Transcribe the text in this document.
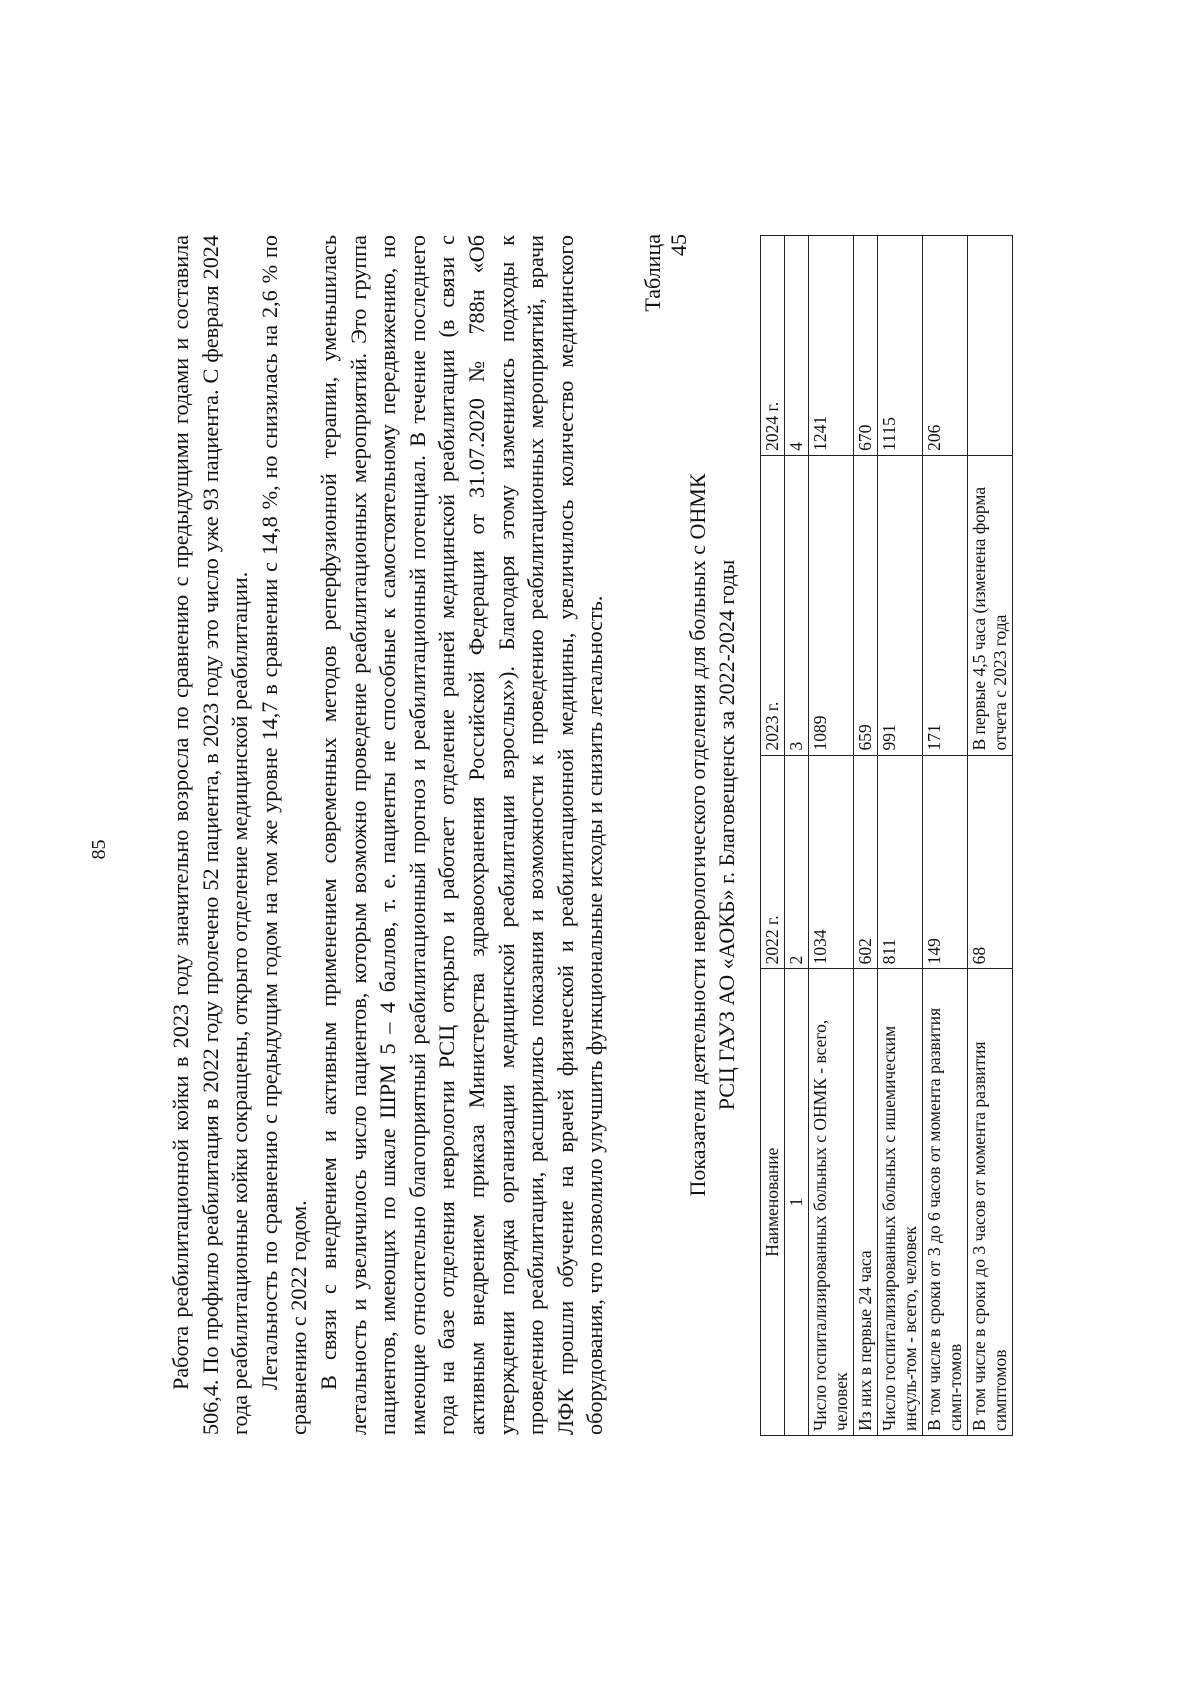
85	Работа реабилитационной койки в 2023 году значительно возросла по сравнению с предыдущими годами и составила 506,4. По профилю реабилитация в 2022 году пролечено 52 пациента, в 2023 году это число уже 93 пациента. С февраля 2024 года реабилитационные койки сокращены, открыто отделение медицинской реабилитации. Летальность по сравнению с предыдущим годом на том же уровне 14,7 в сравнении с 14,8 %, но снизилась на 2,6 % по сравнению с 2022 годом. В связи с внедрением и активным применением современных методов реперфузионной терапии, уменьшилась летальность и увеличилось число пациентов, которым возможно проведение реабилитационных мероприятий. Это группа пациентов, имеющих по шкале ШРМ 5 – 4 баллов, т. е. пациенты не способные к самостоятельному передвижению, но имеющие относительно благоприятный реабилитационный прогноз и реабилитационный потенциал. В течение последнего года на базе отделения неврологии РСЦ открыто и работает отделение ранней медицинской реабилитации (в связи с активным внедрением приказа Министерства здравоохранения Российской Федерации от 31.07.2020 № 788н «Об утверждении порядка организации медицинской реабилитации взрослых»). Благодаря этому изменились подходы к проведению реабилитации, расширились показания и возможности к проведению реабилитационных мероприятий, врачи ЛФК прошли обучение на врачей физической и реабилитационной медицины, увеличилось количество медицинского оборудования, что позволило улучшить функциональные исходы и снизить летальность.

Таблица 45
Показатели деятельности неврологического отделения для больных с ОНМК РСЦ ГАУЗ АО «АОКБ» г. Благовещенск за 2022-2024 годы
Наименование	2022 г.	2023 г.	2024 г.
1	2	3	4
Число госпитализированных больных с ОНМК - всего, человек	1034	1089	1241
Из них в первые 24 часа	602	659	670
Число госпитализированных больных с ишемическим инсуль-том - всего, человек	811	991	1115
В том числе в сроки от 3 до 6 часов от момента развития симп-томов	149	171	206
В том числе в сроки до 3 часов от момента развития симптомов	68	В первые 4,5 часа (изменена форма отчета с 2023 года	
